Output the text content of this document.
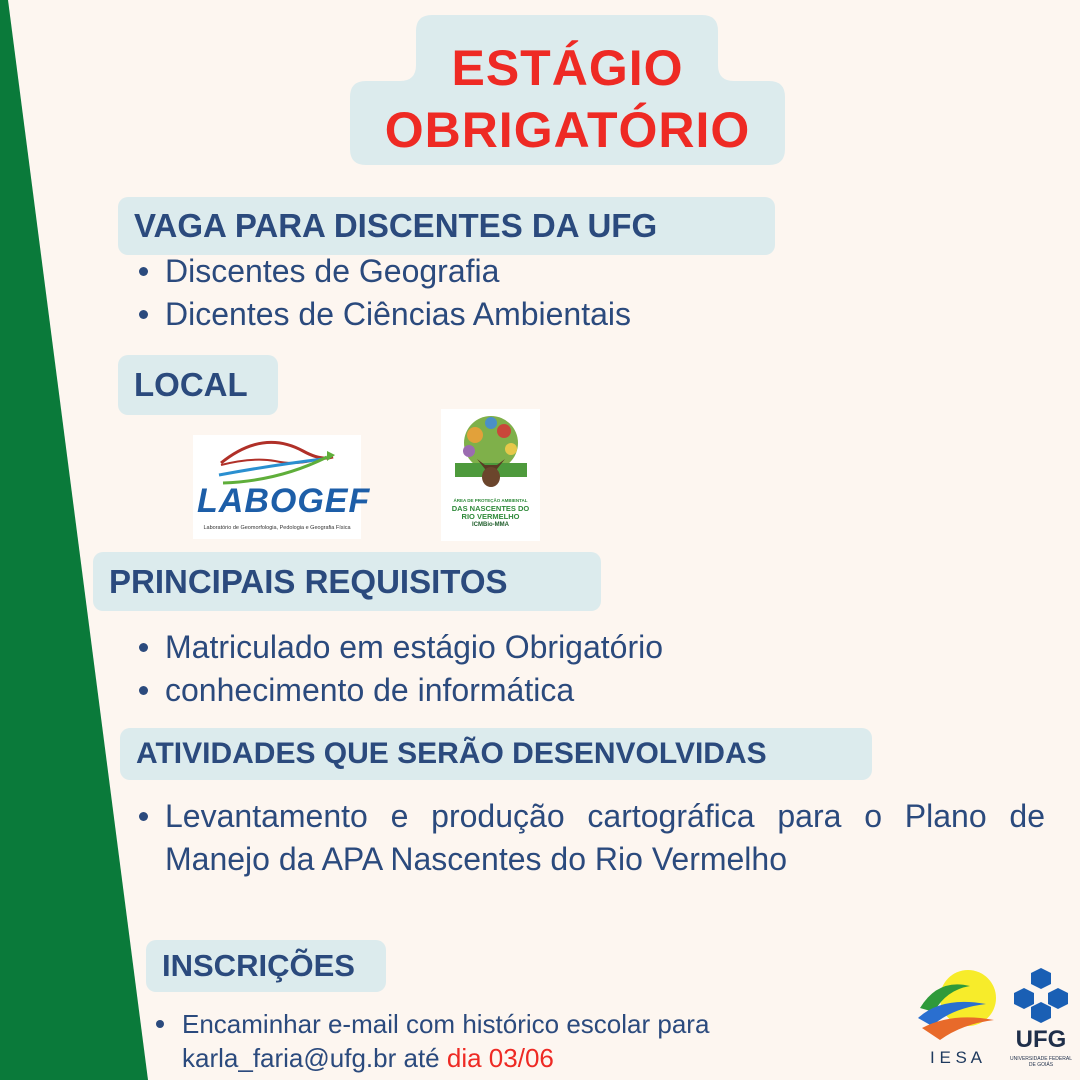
ESTÁGIO
OBRIGATÓRIO
VAGA PARA DISCENTES DA UFG
Discentes de Geografia
Dicentes de Ciências Ambientais
LOCAL
LABOGEF
Laboratório de Geomorfologia, Pedologia e Geografia Física
ÁREA DE PROTEÇÃO AMBIENTAL
DAS NASCENTES DO
RIO VERMELHO
ICMBio-MMA
PRINCIPAIS REQUISITOS
Matriculado em estágio Obrigatório
conhecimento de informática
ATIVIDADES QUE SERÃO DESENVOLVIDAS
Levantamento e produção cartográfica para o Plano de Manejo da APA Nascentes do Rio Vermelho
INSCRIÇÕES
Encaminhar e-mail com histórico escolar para
karla_faria@ufg.br até dia 03/06	I E S A
UFG
UNIVERSIDADE FEDERAL DE GOIÁS
